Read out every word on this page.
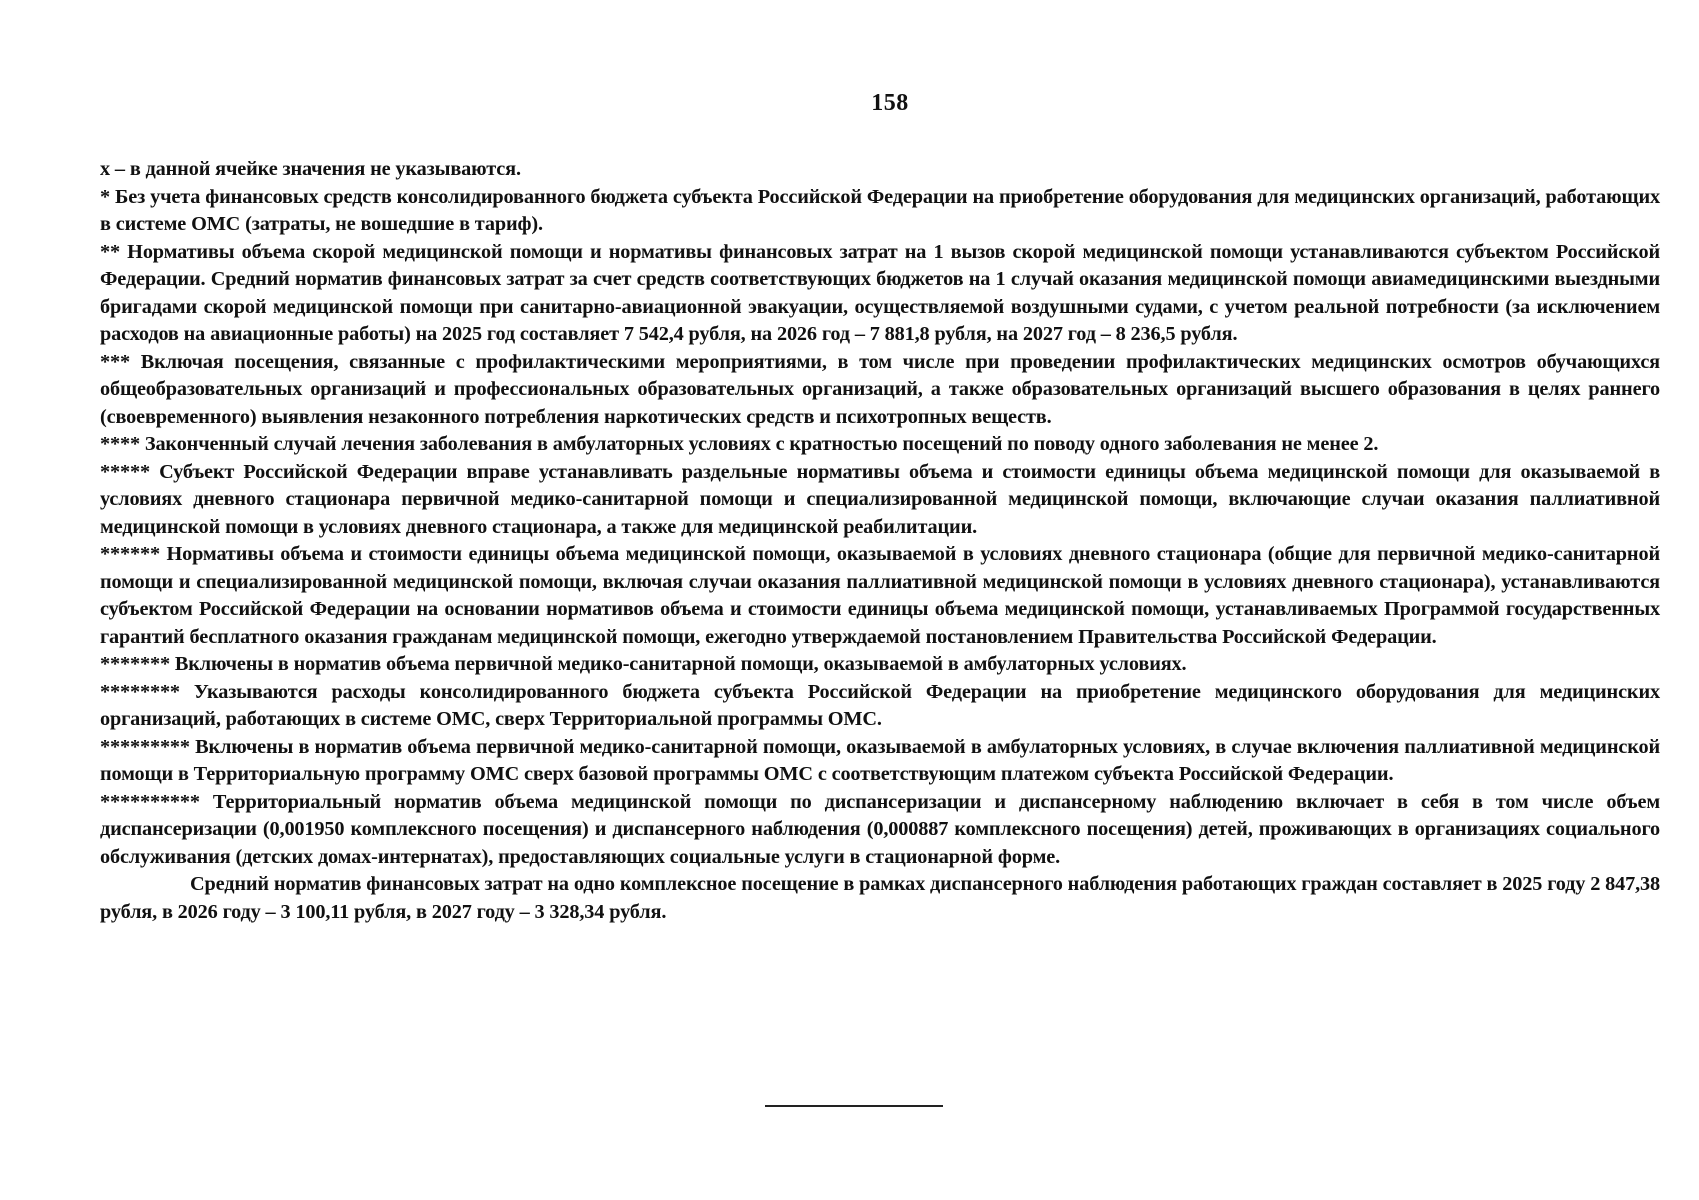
158

х – в данной ячейке значения не указываются.

* Без учета финансовых средств консолидированного бюджета субъекта Российской Федерации на приобретение оборудования для медицинских организаций, работающих в системе ОМС (затраты, не вошедшие в тариф).

** Нормативы объема скорой медицинской помощи и нормативы финансовых затрат на 1 вызов скорой медицинской помощи устанавливаются субъектом Российской Федерации. Средний норматив финансовых затрат за счет средств соответствующих бюджетов на 1 случай оказания медицинской помощи авиамедицинскими выездными бригадами скорой медицинской помощи при санитарно-авиационной эвакуации, осуществляемой воздушными судами, с учетом реальной потребности (за исключением расходов на авиационные работы) на 2025 год составляет 7 542,4 рубля, на 2026 год – 7 881,8 рубля, на 2027 год – 8 236,5 рубля.

*** Включая посещения, связанные с профилактическими мероприятиями, в том числе при проведении профилактических медицинских осмотров обучающихся общеобразовательных организаций и профессиональных образовательных организаций, а также образовательных организаций высшего образования в целях раннего (своевременного) выявления незаконного потребления наркотических средств и психотропных веществ.

**** Законченный случай лечения заболевания в амбулаторных условиях с кратностью посещений по поводу одного заболевания не менее 2.

***** Субъект Российской Федерации вправе устанавливать раздельные нормативы объема и стоимости единицы объема медицинской помощи для оказываемой в условиях дневного стационара первичной медико-санитарной помощи и специализированной медицинской помощи, включающие случаи оказания паллиативной медицинской помощи в условиях дневного стационара, а также для медицинской реабилитации.

****** Нормативы объема и стоимости единицы объема медицинской помощи, оказываемой в условиях дневного стационара (общие для первичной медико-санитарной помощи и специализированной медицинской помощи, включая случаи оказания паллиативной медицинской помощи в условиях дневного стационара), устанавливаются субъектом Российской Федерации на основании нормативов объема и стоимости единицы объема медицинской помощи, устанавливаемых Программой государственных гарантий бесплатного оказания гражданам медицинской помощи, ежегодно утверждаемой постановлением Правительства Российской Федерации.

******* Включены в норматив объема первичной медико-санитарной помощи, оказываемой в амбулаторных условиях.

******** Указываются расходы консолидированного бюджета субъекта Российской Федерации на приобретение медицинского оборудования для медицинских организаций, работающих в системе ОМС, сверх Территориальной программы ОМС.

********* Включены в норматив объема первичной медико-санитарной помощи, оказываемой в амбулаторных условиях, в случае включения паллиативной медицинской помощи в Территориальную программу ОМС сверх базовой программы ОМС с соответствующим платежом субъекта Российской Федерации.

********** Территориальный норматив объема медицинской помощи по диспансеризации и диспансерному наблюдению включает в себя в том числе объем диспансеризации (0,001950 комплексного посещения) и диспансерного наблюдения (0,000887 комплексного посещения) детей, проживающих в организациях социального обслуживания (детских домах-интернатах), предоставляющих социальные услуги в стационарной форме.

Средний норматив финансовых затрат на одно комплексное посещение в рамках диспансерного наблюдения работающих граждан составляет в 2025 году 2 847,38 рубля, в 2026 году – 3 100,11 рубля, в 2027 году – 3 328,34 рубля.
